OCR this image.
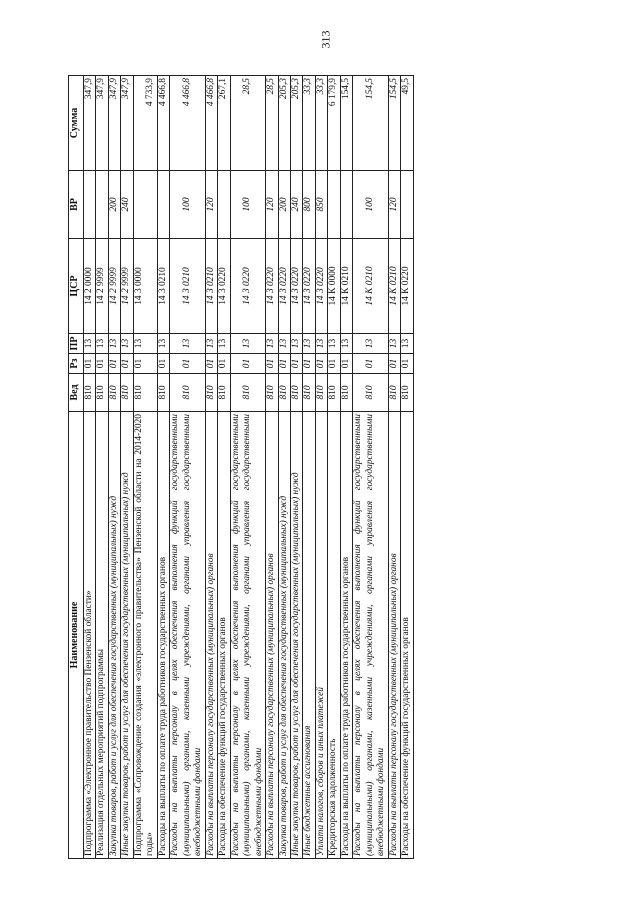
313
Наименование	Вед	Рз	ПР	ЦСР	ВР	Сумма
Подпрограмма «Электронное правительство Пензенской области»	810	01	13	14 2 0000		347,9
Реализация отдельных мероприятий подпрограммы	810	01	13	14 2 9999		347,9
Закупка товаров, работ и услуг для обеспечения государственных (муниципальных) нужд	810	01	13	14 2 9999	200	347,9
Иные закупки товаров, работ и услуг для обеспечения государственных (муниципальных) нужд	810	01	13	14 2 9999	240	347,9
Подпрограмма «Сопровождение создания «электронного правительства» Пензенской области на 2014-2020 годы»	810	01	13	14 3 0000		4 733,9
Расходы на выплаты по оплате труда работников государственных органов	810	01	13	14 3 0210		4 466,8
Расходы на выплаты персоналу в целях обеспечения выполнения функций государственными (муниципальными) органами, казенными учреждениями, органами управления государственными внебюджетными фондами	810	01	13	14 3 0210	100	4 466,8
Расходы на выплаты персоналу государственных (муниципальных) органов	810	01	13	14 3 0210	120	4 466,8
Расходы на обеспечение функций государственных органов	810	01	13	14 3 0220		267,1
Расходы на выплаты персоналу в целях обеспечения выполнения функций государственными (муниципальными) органами, казенными учреждениями, органами управления государственными внебюджетными фондами	810	01	13	14 3 0220	100	28,5
Расходы на выплаты персоналу государственных (муниципальных) органов	810	01	13	14 3 0220	120	28,5
Закупка товаров, работ и услуг для обеспечения государственных (муниципальных) нужд	810	01	13	14 3 0220	200	205,3
Иные закупки товаров, работ и услуг для обеспечения государственных (муниципальных) нужд	810	01	13	14 3 0220	240	205,3
Иные бюджетные ассигнования	810	01	13	14 3 0220	800	33,3
Уплата налогов, сборов и иных платежей	810	01	13	14 3 0220	850	33,3
Кредиторская задолженность	810	01	13	14 К 0000		6 179,9
Расходы на выплаты по оплате труда работников государственных органов	810	01	13	14 К 0210		154,5
Расходы на выплаты персоналу в целях обеспечения выполнения функций государственными (муниципальными) органами, казенными учреждениями, органами управления государственными внебюджетными фондами	810	01	13	14 К 0210	100	154,5
Расходы на выплаты персоналу государственных (муниципальных) органов	810	01	13	14 К 0210	120	154,5
Расходы на обеспечение функций государственных органов	810	01	13	14 К 0220		49,5
